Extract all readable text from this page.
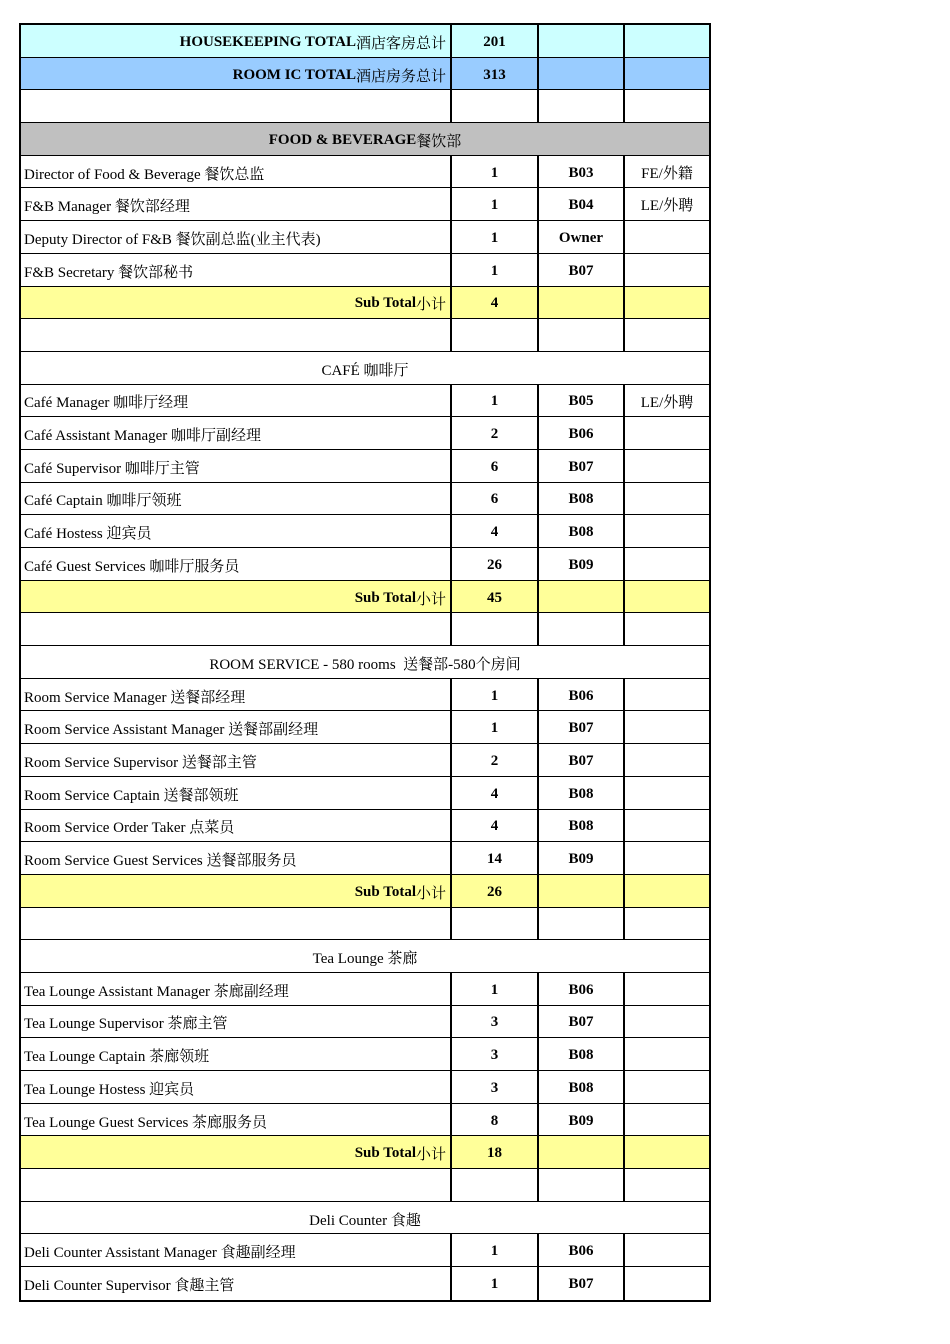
HOUSEKEEPING TOTAL 酒店客房总计	201
ROOM IC TOTAL 酒店房务总计	313
FOOD & BEVERAGE 餐饮部
Director of Food & Beverage 餐饮总监	1	B03	FE/外籍
F&B Manager 餐饮部经理	1	B04	LE/外聘
Deputy Director of F&B 餐饮副总监(业主代表)	1	Owner
F&B Secretary 餐饮部秘书	1	B07
Sub Total 小计	4
CAFÉ 咖啡厅
Café Manager 咖啡厅经理	1	B05	LE/外聘
Café Assistant Manager 咖啡厅副经理	2	B06
Café Supervisor 咖啡厅主管	6	B07
Café Captain 咖啡厅领班	6	B08
Café Hostess 迎宾员	4	B08
Café Guest Services 咖啡厅服务员	26	B09
Sub Total 小计	45
ROOM SERVICE - 580 rooms  送餐部-580个房间
Room Service Manager 送餐部经理	1	B06
Room Service Assistant Manager 送餐部副经理	1	B07
Room Service Supervisor 送餐部主管	2	B07
Room Service Captain 送餐部领班	4	B08
Room Service Order Taker 点菜员	4	B08
Room Service Guest Services 送餐部服务员	14	B09
Sub Total 小计	26
Tea Lounge 茶廊
Tea Lounge Assistant Manager 茶廊副经理	1	B06
Tea Lounge Supervisor 茶廊主管	3	B07
Tea Lounge Captain 茶廊领班	3	B08
Tea Lounge Hostess 迎宾员	3	B08
Tea Lounge Guest Services 茶廊服务员	8	B09
Sub Total 小计	18
Deli Counter 食趣
Deli Counter Assistant Manager 食趣副经理	1	B06
Deli Counter Supervisor 食趣主管	1	B07
